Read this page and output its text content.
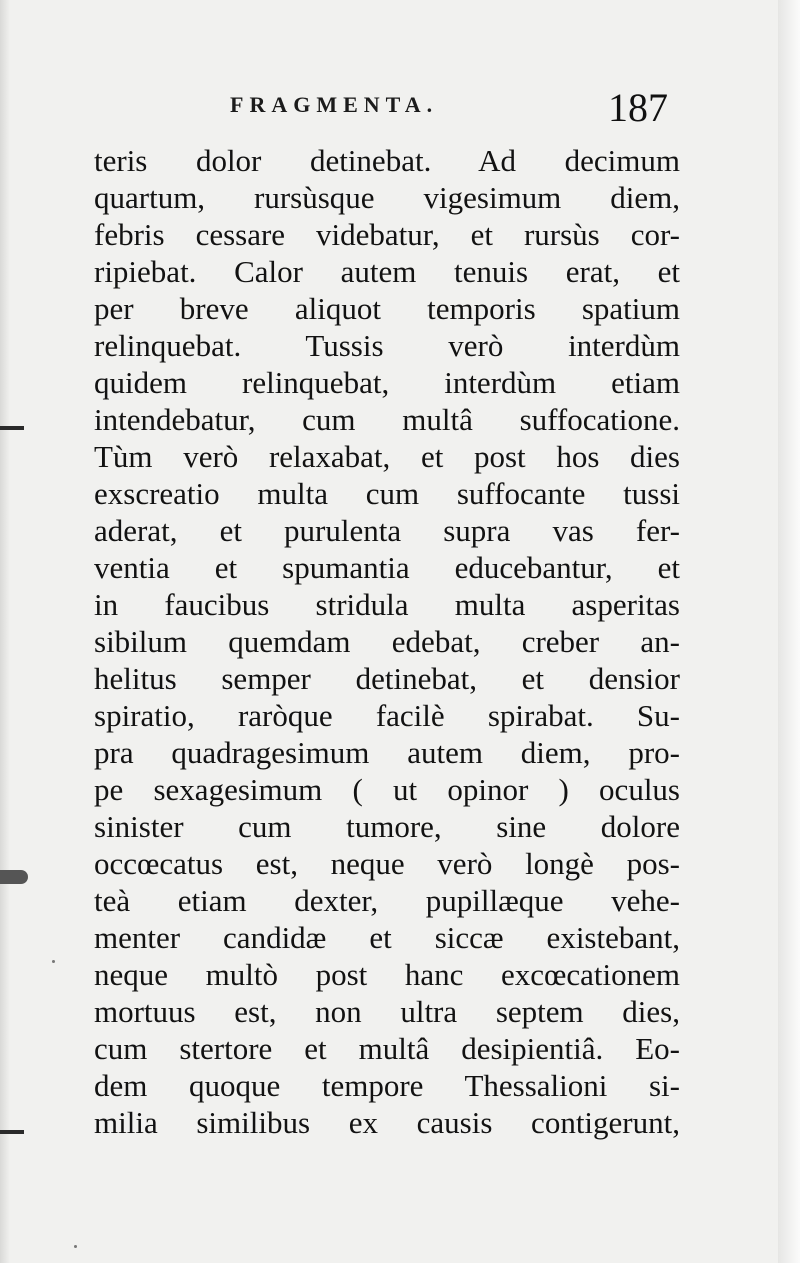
FRAGMENTA.	187
teris dolor detinebat. Ad decimum
quartum, rursùsque vigesimum diem,
febris cessare videbatur, et rursùs cor-
ripiebat. Calor autem tenuis erat, et
per breve aliquot temporis spatium
relinquebat. Tussis verò interdùm
quidem relinquebat, interdùm etiam
intendebatur, cum multâ suffocatione.
Tùm verò relaxabat, et post hos dies
exscreatio multa cum suffocante tussi
aderat, et purulenta supra vas fer-
ventia et spumantia educebantur, et
in faucibus stridula multa asperitas
sibilum quemdam edebat, creber an-
helitus semper detinebat, et densior
spiratio, raròque facilè spirabat. Su-
pra quadragesimum autem diem, pro-
pe sexagesimum ( ut opinor ) oculus
sinister cum tumore, sine dolore
occœcatus est, neque verò longè pos-
teà etiam dexter, pupillæque vehe-
menter candidæ et siccæ existebant,
neque multò post hanc excœcationem
mortuus est, non ultra septem dies,
cum stertore et multâ desipientiâ. Eo-
dem quoque tempore Thessalioni si-
milia similibus ex causis contigerunt,
